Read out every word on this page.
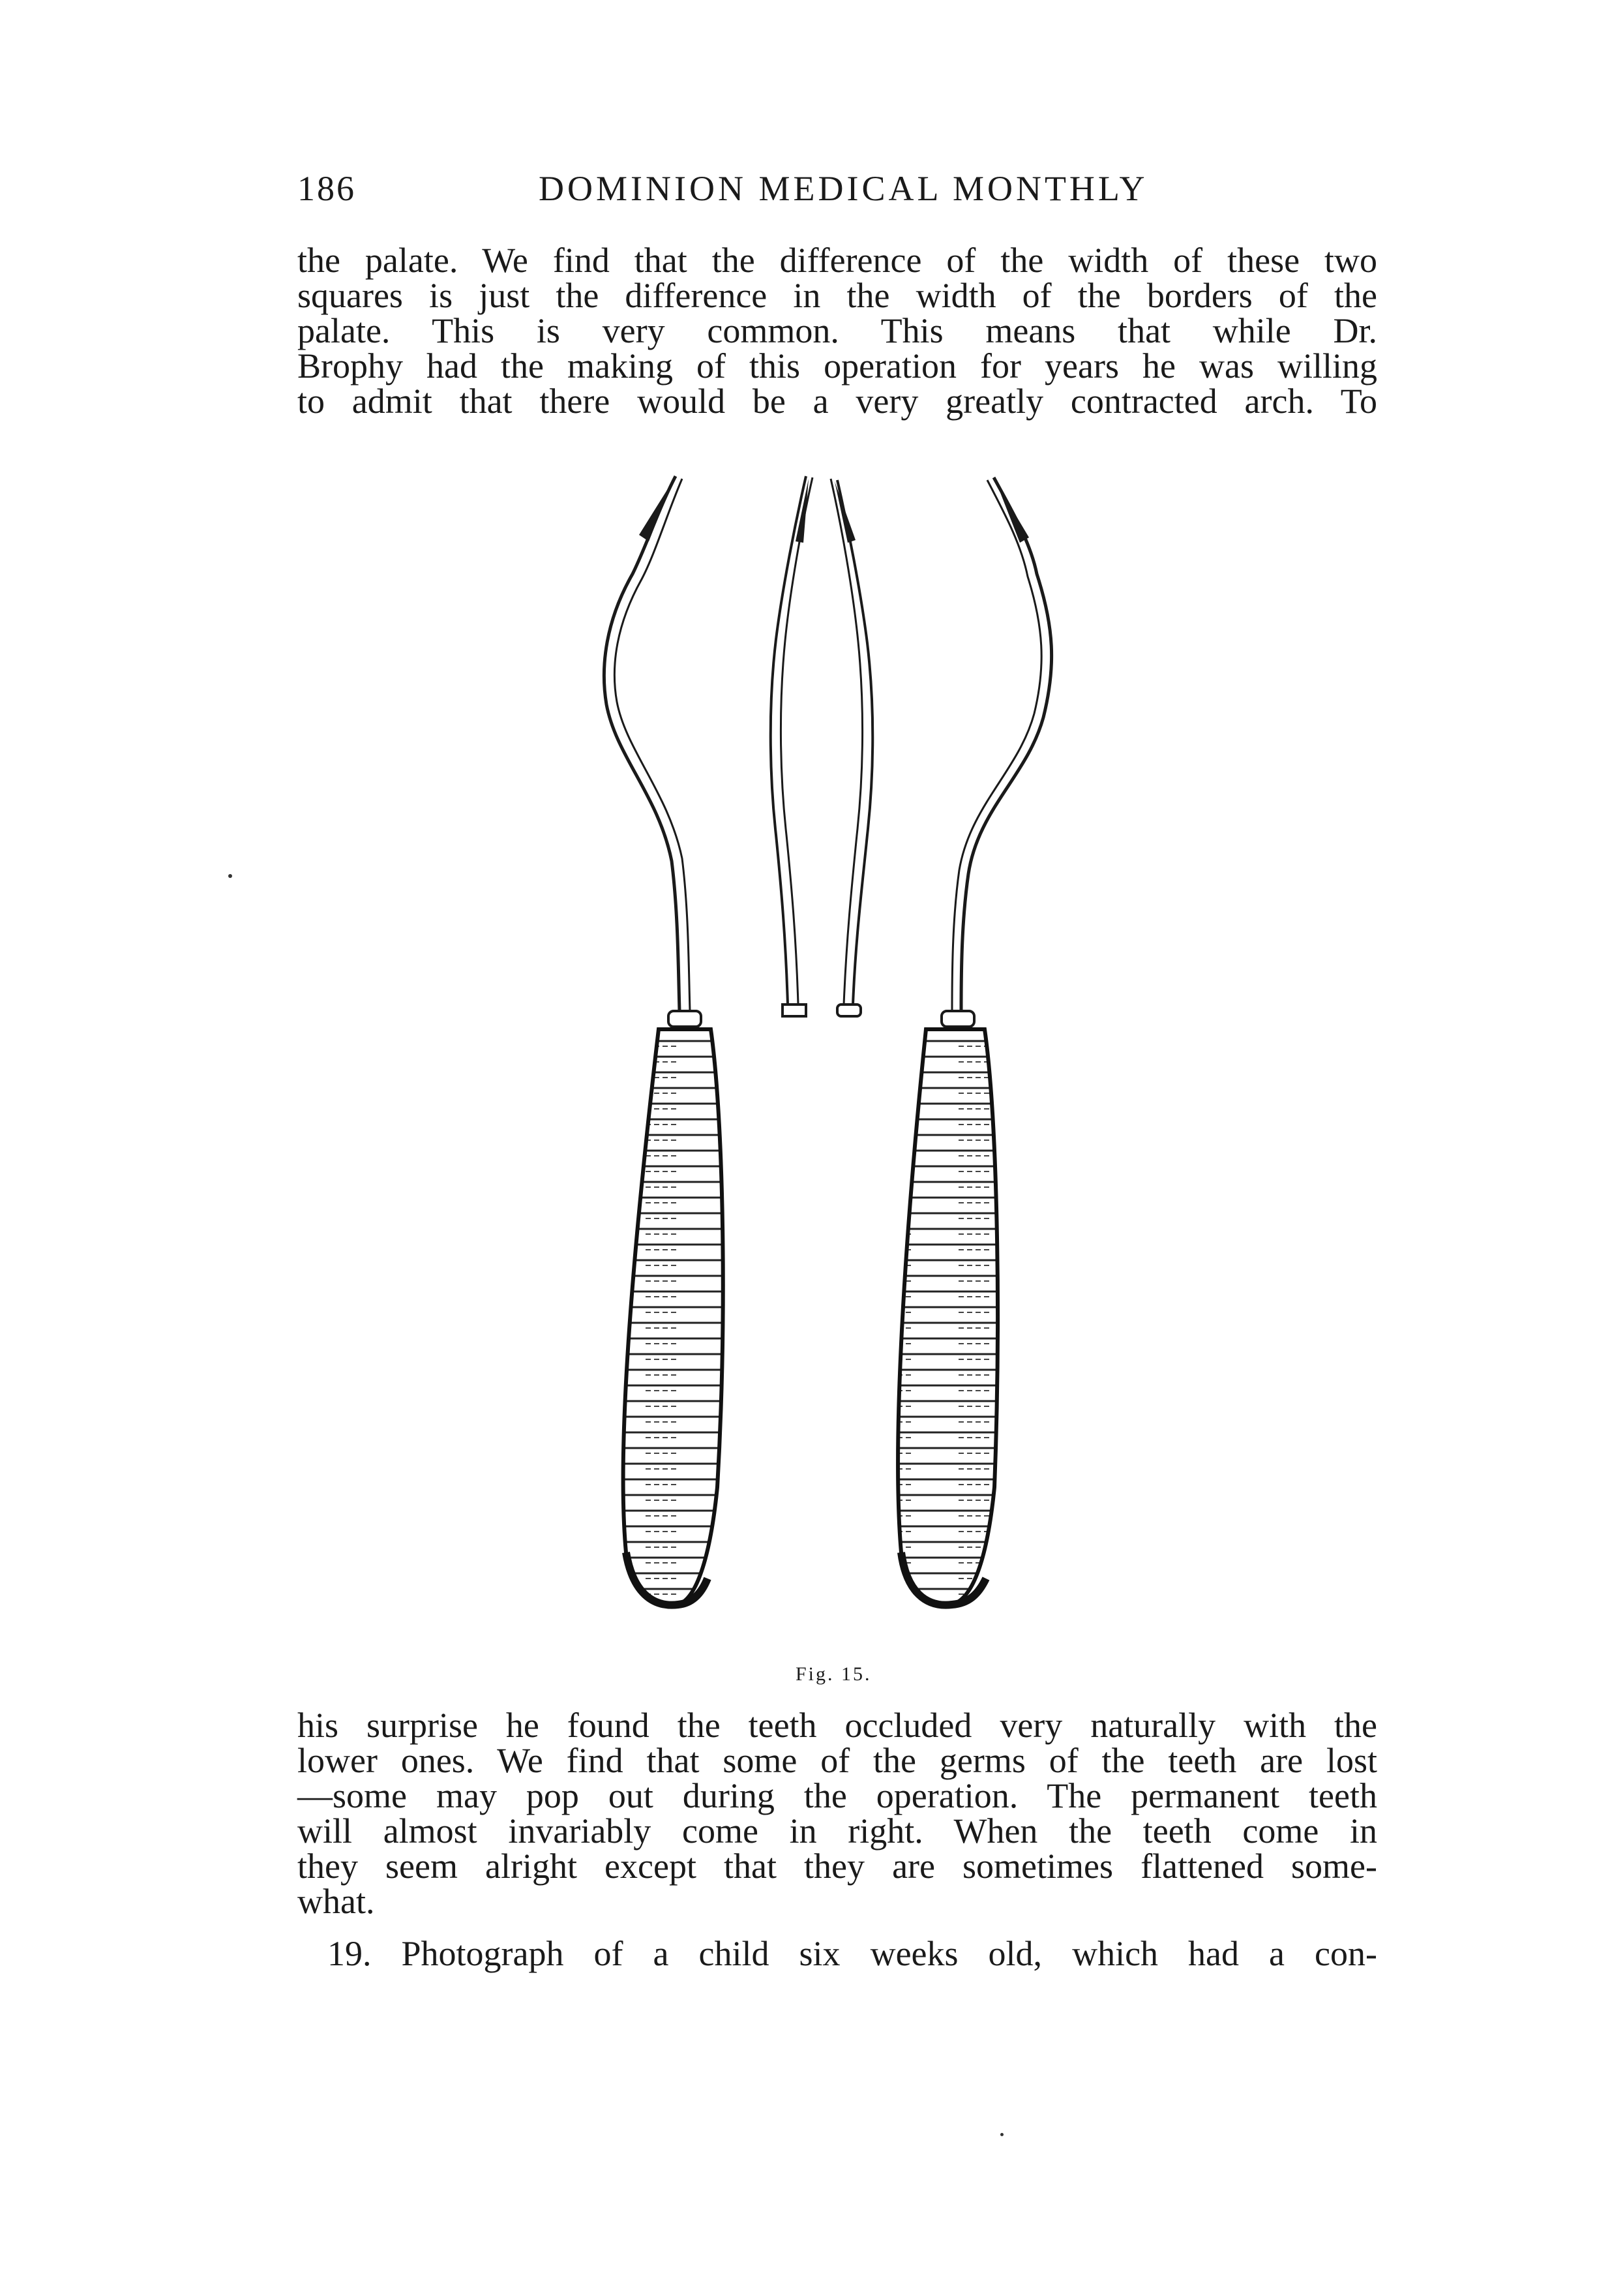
186	DOMINION MEDICAL MONTHLY
the palate. We find that the difference of the width of these two
squares is just the difference in the width of the borders of the
palate. This is very common. This means that while Dr.
Brophy had the making of this operation for years he was willing
to admit that there would be a very greatly contracted arch. To
Fig. 15.
his surprise he found the teeth occluded very naturally with the
lower ones. We find that some of the germs of the teeth are lost
—some may pop out during the operation. The permanent teeth
will almost invariably come in right. When the teeth come in
they seem alright except that they are sometimes flattened some-
what.
19. Photograph of a child six weeks old, which had a con-
